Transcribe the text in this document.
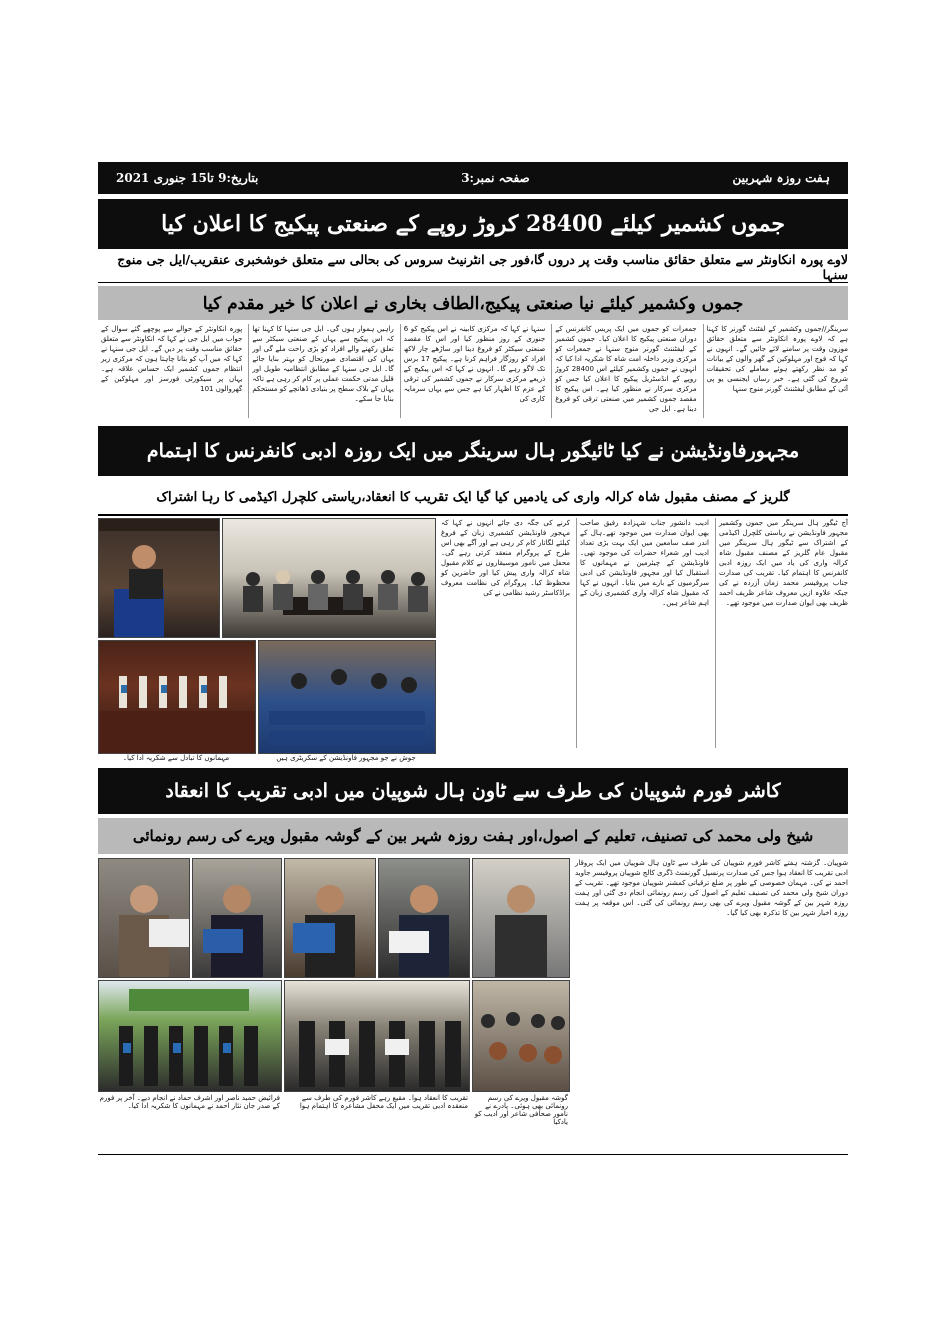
ہفت روزہ شہربین
صفحہ نمبر:3
بتاریخ:9 تا15 جنوری 2021
جموں کشمیر کیلئے 28400 کروڑ روپے کے صنعتی پیکیج کا اعلان کیا
لاوے پورہ انکاونٹر سے متعلق حقائق مناسب وقت پر دروں گا،فور جی انٹرنیٹ سروس کی بحالی سے متعلق خوشخبری عنقریب/ایل جی منوج سنہا
جموں وکشمیر کیلئے نیا صنعتی پیکیج،الطاف بخاری نے اعلان کا خیر مقدم کیا
سرینگر//جموں وکشمیر کے لفٹنٹ گورنر کا کہنا ہے کہ لاوے پورہ انکاونٹر سے متعلق حقائق موزون وقت پر سامنے لائے جائیں گے۔ انہوں نے کہا کہ فوج اور مہلوکین کے گھر والوں کے بیانات کو مد نظر رکھتے ہوئے معاملے کی تحقیقات شروع کی گئی ہے۔ خبر رساں ایجنسی یو پی آئی کے مطابق لیفٹننٹ گورنر منوج سنہا
جمعرات کو جموں میں ایک پریس کانفرنس کے دوران صنعتی پیکیج کا اعلان کیا۔ جموں کشمیر کے لیفٹننٹ گورنر منوج سنہا نے جمعرات کو مرکزی وزیر داخلہ امت شاہ کا شکریہ ادا کیا کہ انہوں نے جموں وکشمیر کیلئے اس 28400 کروڑ روپے کے انڈسٹریل پیکیج کا اعلان کیا جس کو مرکزی سرکار نے منظور کیا ہے۔ اس پیکیج کا مقصد جموں کشمیر میں صنعتی ترقی کو فروغ دینا ہے۔ ایل جی
سنہا نے کہا کہ مرکزی کابینہ نے اس پیکیج کو 6 جنوری کے روز منظور کیا اور اس کا مقصد صنعتی سیکٹر کو فروغ دینا اور ساڑھے چار لاکھ افراد کو روزگار فراہم کرنا ہے۔ پیکیج 17 برس تک لاگو رہے گا۔ انہوں نے کہا کہ اس پیکیج کے ذریعے مرکزی سرکار نے جموں کشمیر کی ترقی کے عزم کا اظہار کیا ہے جس سے یہاں سرمایہ کاری کی
راہیں ہموار ہوں گی۔ ایل جی سنہا کا کہنا تھا کہ اس پیکیج سے یہاں کے صنعتی سیکٹر سے تعلق رکھنے والے افراد کو بڑی راحت ملے گی اور یہاں کی اقتصادی صورتحال کو بہتر بنایا جائے گا۔ ایل جی سنہا کے مطابق انتظامیہ طویل اور قلیل مدتی حکمت عملی پر کام کر رہی ہے تاکہ یہاں کے بلاک سطح پر بنیادی ڈھانچے کو مستحکم بنایا جا سکے۔
پورہ انکاونٹر کے حوالے سے پوچھے گئے سوال کے جواب میں ایل جی نے کہا کہ انکاونٹر سے متعلق حقائق مناسب وقت پر دیں گے۔ ایل جی سنہا نے کہا کہ میں آپ کو بتانا چاہتا ہوں کہ مرکزی زیر انتظام جموں کشمیر ایک حساس علاقہ ہے۔ یہاں پر سیکورٹی فورسز اور مہلوکین کے گھروالوں 101
مجہورفاونڈیشن نے کیا ٹائیگور ہال سرینگر میں ایک روزہ ادبی کانفرنس کا اہتمام
گلریز کے مصنف مقبول شاہ کرالہ واری کی یادمیں کیا گیا ایک تقریب کا انعقاد،ریاستی کلچرل اکیڈمی کا رہا اشتراک
آج ٹیگور ہال سرینگر میں جموں وکشمیر مجہور فاونڈیشن نے ریاستی کلچرل اکیڈمی کے اشتراک سے ٹیگور ہال سرینگر میں مقبول عام گلریز کے مصنف مقبول شاہ کرالہ واری کی یاد میں ایک روزہ ادبی کانفرنس کا اہتمام کیا۔ تقریب کی صدارت جناب پروفیسر محمد زمان آزردہ نے کی جبکہ علاوہ ازیں معروف شاعر ظریف احمد ظریف بھی ایوان صدارت میں موجود تھے۔
ادیب دانشور جناب شہزادہ رفیق صاحب بھی ایوان صدارت میں موجود تھے۔ہال کے اندر صف سامعین میں ایک بہت بڑی تعداد ادیب اور شعراء حضرات کی موجود تھی۔ فاونڈیشن کے چیئرمین نے مہمانوں کا استقبال کیا اور مجہور فاونڈیشن کی ادبی سرگرمیوں کے بارے میں بتایا۔ انہوں نے کہا کہ مقبول شاہ کرالہ واری کشمیری زبان کے اہم شاعر ہیں۔
کرنے کی جگہ دی جائے انہوں نے کہا کہ مہجور فاونڈیشن کشمیری زبان کے فروغ کیلئے لگاتار کام کر رہی ہے اور آگے بھی اس طرح کے پروگرام منعقد کرتی رہے گی۔ محفل میں نامور موسیقاروں نے کلام مقبول شاہ کرالہ واری پیش کیا اور حاضرین کو محظوظ کیا۔ پروگرام کی نظامت معروف براڈکاسٹر رشید نظامی نے کی
جوش نے جو مجہور فاونڈیشن کے سکریٹری ہیں
مہمانوں کا تبادل سے شکریہ ادا کیا۔
کاشر فورم شوپیان کی طرف سے ٹاون ہال شوپیان میں ادبی تقریب کا انعقاد
شیخ ولی محمد کی تصنیف، تعلیم کے اصول،اور ہفت روزہ شہر بین کے گوشہ مقبول ویرے کی رسم رونمائی
شوپیان۔ گزشتہ ہفتے کاشر فورم شوپیان کی طرف سے ٹاون ہال شوپیان میں ایک پروقار ادبی تقریب کا انعقاد ہوا جس کی صدارت پرنسپل گورنمنٹ ڈگری کالج شوپیان پروفیسر جاوید احمد نے کی۔ مہمان خصوصی کے طور پر ضلع ترقیاتی کمشنر شوپیان موجود تھے۔ تقریب کے دوران شیخ ولی محمد کی تصنیف تعلیم کے اصول کی رسم رونمائی انجام دی گئی اور ہفت روزہ شہر بین کے گوشہ مقبول ویرے کی بھی رسم رونمائی کی گئی۔ اس موقعہ پر ہفت روزہ اخبار شہر بین کا تذکرہ بھی کیا گیا۔
گوشہ مقبول ویرے کی رسم رونمائی بھی ہوئی۔ پادرے نے نامور صحافی شاعر اور ادیب کو یادکیا
تقریب کا انعقاد ہوا۔ مقیع رہے کاشر فورم کی طرف سے منعقدہ ادبی تقریب میں ایک محفل مشاعرہ کا اہتمام ہوا
فرائیض حمید ناصر اور اشرف حماد نے انجام دیے۔ آخر پر فورم کے صدر جان نثار احمد نے مہمانوں کا شکریہ ادا کیا۔
